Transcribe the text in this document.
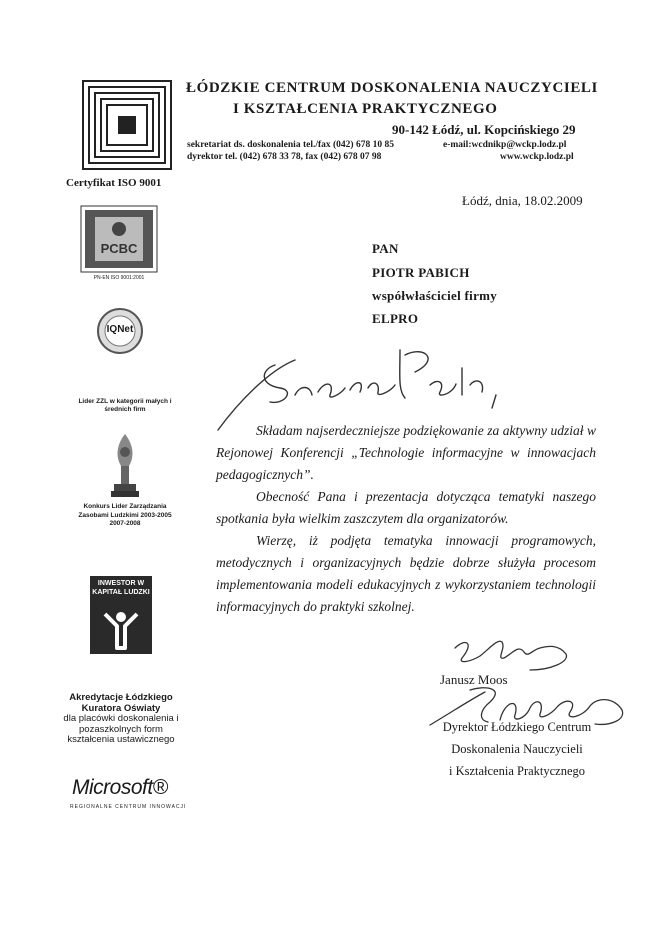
ŁÓDZKIE CENTRUM DOSKONALENIA NAUCZYCIELI
I KSZTAŁCENIA PRAKTYCZNEGO
90-142 Łódź, ul. Kopcińskiego 29
sekretariat ds. doskonalenia tel./fax (042) 678 10 85
dyrektor tel. (042) 678 33 78, fax (042) 678 07 98
e-mail:wcdnikp@wckp.lodz.pl
www.wckp.lodz.pl
Certyfikat ISO 9001
PCBC
PN-EN ISO 9001:2001
IQNet
Lider ZZL w kategorii małych i średnich firm
Konkurs Lider Zarządzania Zasobami Ludzkimi 2003-2005 2007-2008
INWESTOR W KAPITAŁ LUDZKI
Akredytacje Łódzkiego Kuratora Oświaty
dla placówki doskonalenia i pozaszkolnych form kształcenia ustawicznego
Microsoft®
REGIONALNE CENTRUM INNOWACJI
Łódź, dnia, 18.02.2009
PAN
PIOTR PABICH
współwłaściciel firmy
ELPRO
Składam najserdeczniejsze podziękowanie za aktywny udział w Rejonowej Konferencji „Technologie informacyjne w innowacjach pedagogicznych”.
Obecność Pana i prezentacja dotycząca tematyki naszego spotkania była wielkim zaszczytem dla organizatorów.
Wierzę, iż podjęta tematyka innowacji programowych, metodycznych i organizacyjnych będzie dobrze służyła procesom implementowania modeli edukacyjnych z wykorzystaniem technologii informacyjnych do praktyki szkolnej.
Janusz Moos
Dyrektor Łódzkiego Centrum
Doskonalenia Nauczycieli
i Kształcenia Praktycznego
